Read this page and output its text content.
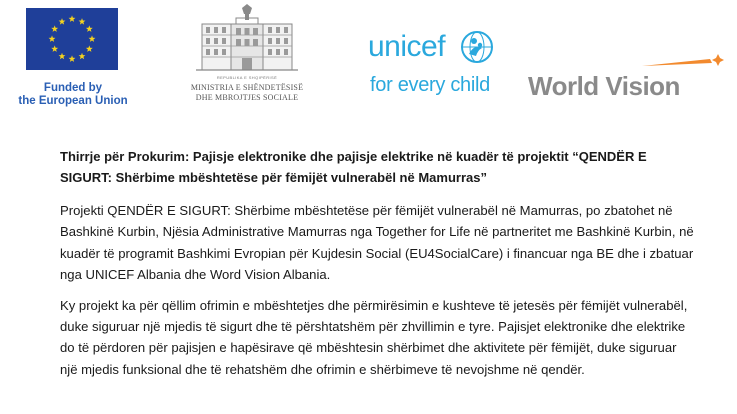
Funded by
the European Union
REPUBLIKA E SHQIPËRISË
MINISTRIA E SHËNDETËSISË
DHE MBROJTJES SOCIALE
unicef
for every child World Vision

Thirrje për Prokurim: Pajisje elektronike dhe pajisje elektrike në kuadër të projektit “QENDËR E SIGURT: Shërbime mbështetëse për fëmijët vulnerabël në Mamurras”

Projekti QENDËR E SIGURT: Shërbime mbështetëse për fëmijët vulnerabël në Mamurras, po zbatohet në Bashkinë Kurbin, Njësia Administrative Mamurras nga Together for Life në partneritet me Bashkinë Kurbin, në kuadër të programit Bashkimi Evropian për Kujdesin Social (EU4SocialCare) i financuar nga BE dhe i zbatuar nga UNICEF Albania dhe Word Vision Albania.

Ky projekt ka për qëllim ofrimin e mbështetjes dhe përmirësimin e kushteve të jetesës për fëmijët vulnerabël, duke siguruar një mjedis të sigurt dhe të përshtatshëm për zhvillimin e tyre. Pajisjet elektronike dhe elektrike do të përdoren për pajisjen e hapësirave që mbështesin shërbimet dhe aktivitete për fëmijët, duke siguruar një mjedis funksional dhe të rehatshëm dhe ofrimin e shërbimeve të nevojshme në qendër.
